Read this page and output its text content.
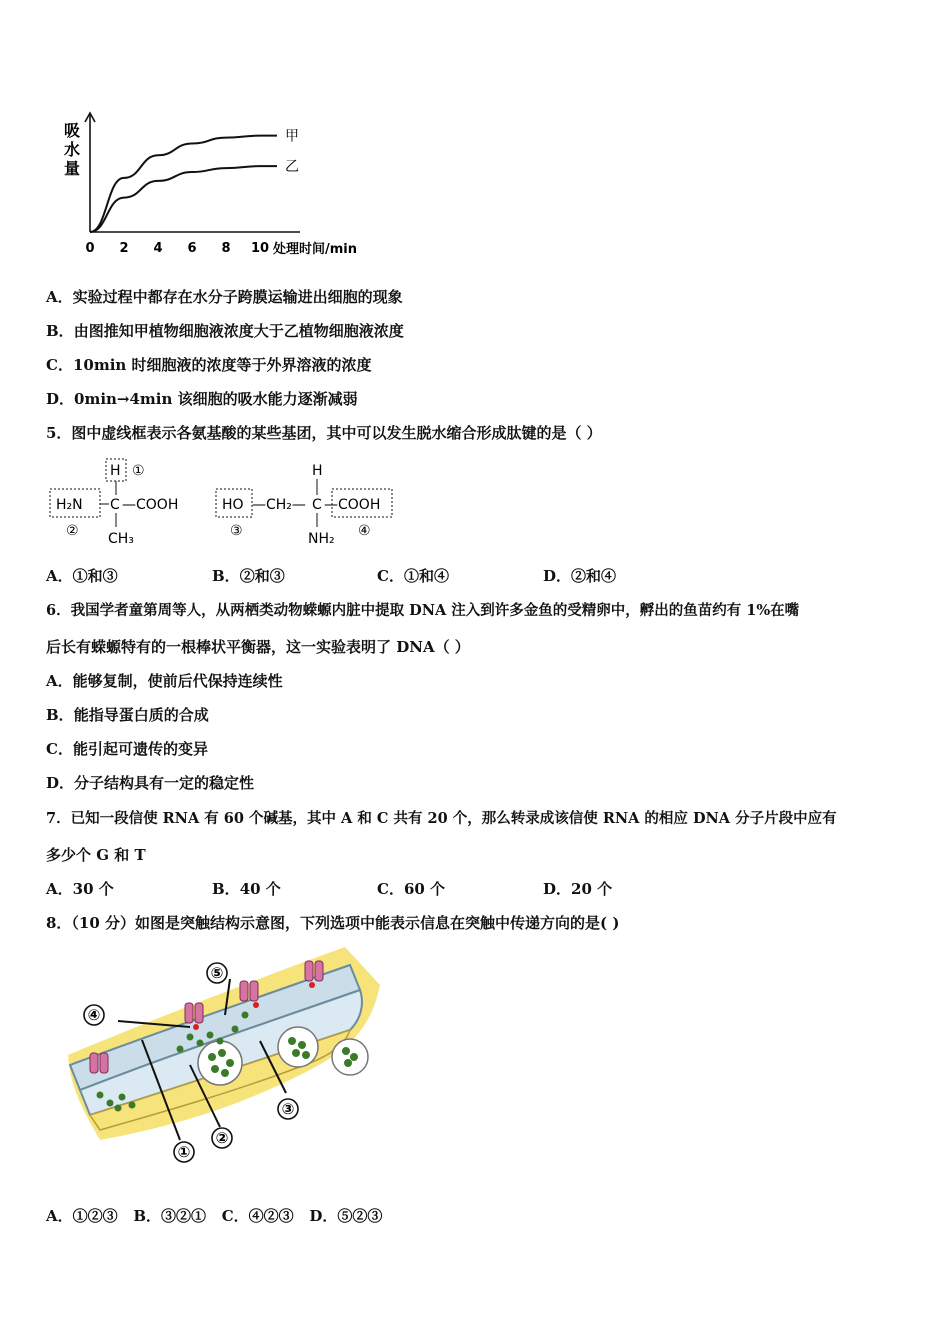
吸水量
处理时间/min
0 2 4 6 8 10
甲
乙
A．实验过程中都存在水分子跨膜运输进出细胞的现象
B．由图推知甲植物细胞液浓度大于乙植物细胞液浓度
C．10min 时细胞液的浓度等于外界溶液的浓度
D．0min→4min 该细胞的吸水能力逐渐减弱
5．图中虚线框表示各氨基酸的某些基团，其中可以发生脱水缩合形成肽键的是（ ）
H ①
H₂N C —COOH
CH₃
②
H
HO —CH₂— C —COOH
NH₂
③	④
A．①和③	B．②和③	C．①和④	D．②和④
6．我国学者童第周等人，从两栖类动物蝾螈内脏中提取 DNA 注入到许多金鱼的受精卵中，孵出的鱼苗约有 1%在嘴
后长有蝾螈特有的一根棒状平衡器，这一实验表明了 DNA（ ）
A．能够复制，使前后代保持连续性
B．能指导蛋白质的合成
C．能引起可遗传的变异
D．分子结构具有一定的稳定性
7．已知一段信使 RNA 有 60 个碱基，其中 A 和 C 共有 20 个，那么转录成该信使 RNA 的相应 DNA 分子片段中应有
多少个 G 和 T
A．30 个	B．40 个	C．60 个	D．20 个
8．（10 分）如图是突触结构示意图，下列选项中能表示信息在突触中传递方向的是( )
④
⑤
①
②
③
A．①②③ B．③②① C．④②③ D．⑤②③
